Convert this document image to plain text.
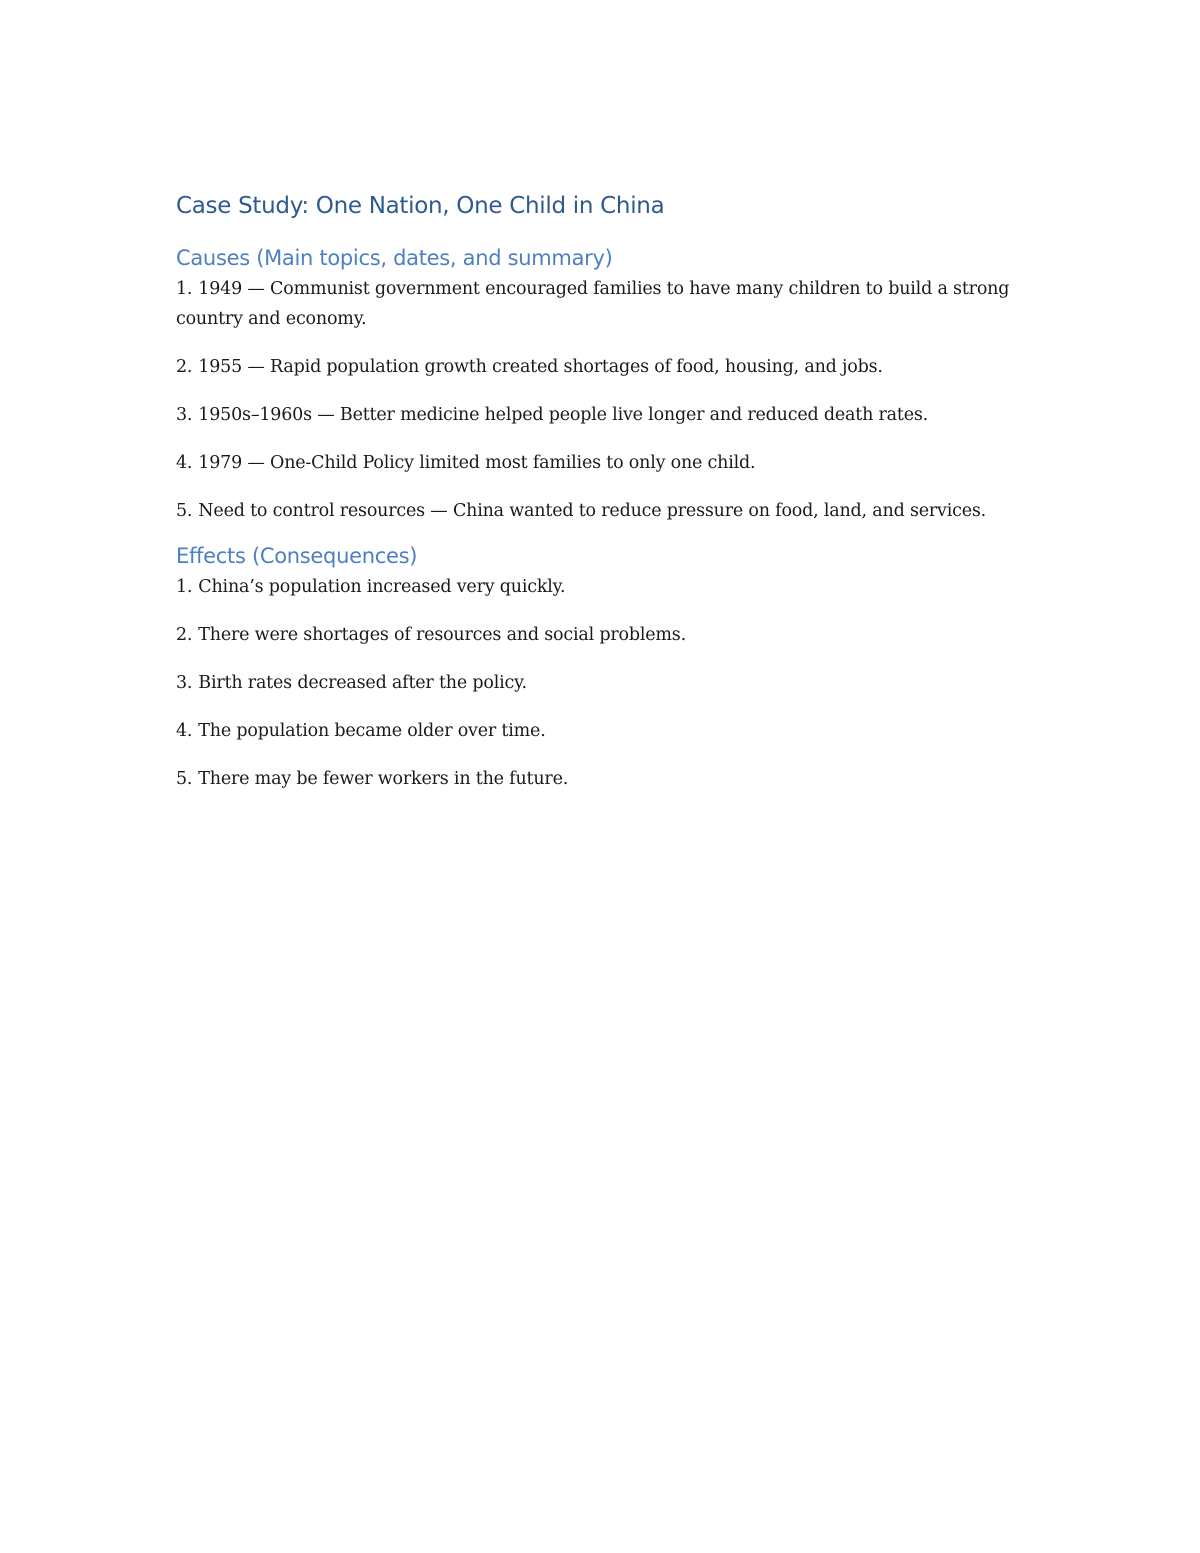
Case Study: One Nation, One Child in China
Causes (Main topics, dates, and summary)
1. 1949 — Communist government encouraged families to have many children to build a strong country and economy.
2. 1955 — Rapid population growth created shortages of food, housing, and jobs.
3. 1950s–1960s — Better medicine helped people live longer and reduced death rates.
4. 1979 — One-Child Policy limited most families to only one child.
5. Need to control resources — China wanted to reduce pressure on food, land, and services.
Effects (Consequences)
1. China’s population increased very quickly.
2. There were shortages of resources and social problems.
3. Birth rates decreased after the policy.
4. The population became older over time.
5. There may be fewer workers in the future.
